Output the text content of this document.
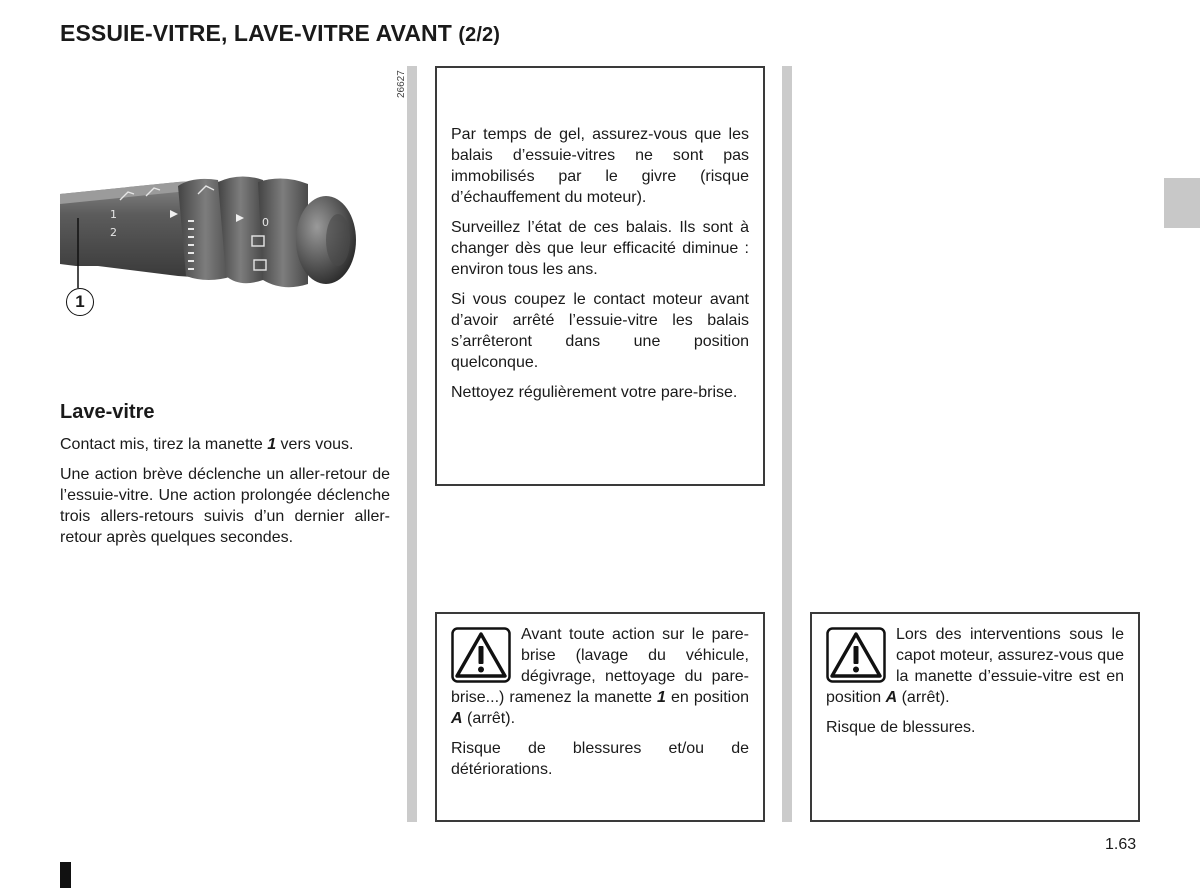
ESSUIE-VITRE, LAVE-VITRE AVANT (2/2)
26627
1
2
0
1
Lave-vitre

Contact mis, tirez la manette 1 vers vous.

Une action brève déclenche un aller-retour de l’essuie-vitre. Une action prolongée déclenche trois allers-retours suivis d’un dernier aller-retour après quelques secondes.

Par temps de gel, assurez-vous que les balais d’essuie-vitres ne sont pas immobilisés par le givre (risque d’échauffement du moteur).

Surveillez l’état de ces balais. Ils sont à changer dès que leur efficacité diminue : environ tous les ans.

Si vous coupez le contact moteur avant d’avoir arrêté l’essuie-vitre les balais s’arrêteront dans une position quelconque.

Nettoyez régulièrement votre pare-brise.

Avant toute action sur le pare-brise (lavage du véhicule, dégivrage, nettoyage du pare-brise...) ramenez la manette 1 en position A (arrêt).

Risque de blessures et/ou de détériorations.

Lors des interventions sous le capot moteur, assurez-vous que la manette d’essuie-vitre est en position A (arrêt).

Risque de blessures.

1.63
